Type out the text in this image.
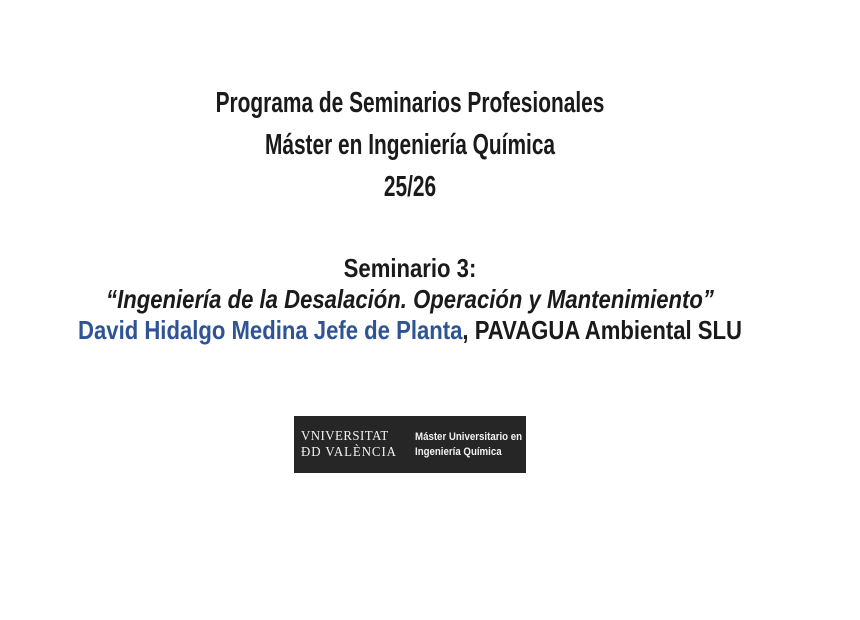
Programa de Seminarios Profesionales
Máster en Ingeniería Química
25/26
Seminario 3:
“Ingeniería de la Desalación. Operación y Mantenimiento”
David Hidalgo Medina Jefe de Planta, PAVAGUA Ambiental SLU
VNIVERSITAT
ĐD VALÈNCIA
Máster Universitario en
Ingeniería Química
